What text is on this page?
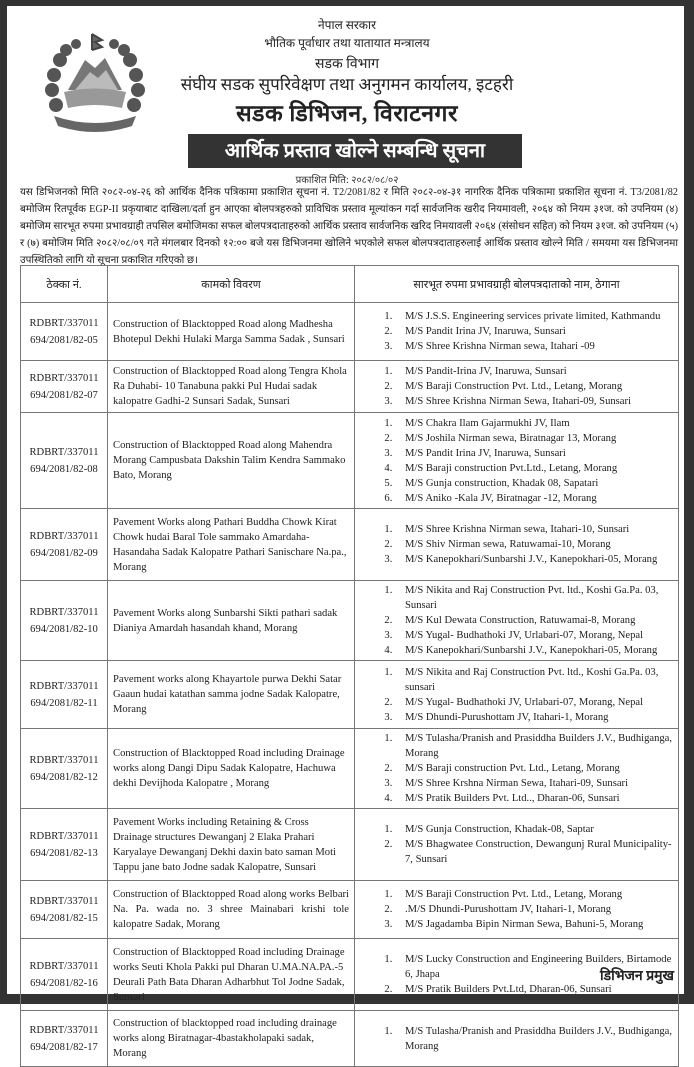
नेपाल सरकार
भौतिक पूर्वाधार तथा यातायात मन्त्रालय
सडक विभाग
संघीय सडक सुपरिवेक्षण तथा अनुगमन कार्यालय, इटहरी
सडक डिभिजन, विराटनगर
आर्थिक प्रस्ताव खोल्ने सम्बन्धि सूचना
प्रकाशित मिति: २०८२/०८/०२
यस डिभिजनको मिति २०८२-०४-२६ को आर्थिक दैनिक पत्रिकामा प्रकाशित सूचना नं. T2/2081/82 र मिति २०८२-०४-३१ नागरिक दैनिक पत्रिकामा प्रकाशित सूचना नं. T3/2081/82 बमोजिम रितपूर्वक EGP-II प्रकृयाबाट दाखिला/दर्ता हुन आएका बोलपत्रहरुको प्राविधिक प्रस्ताव मूल्यांकन गर्दा सार्वजनिक खरीद नियमावली, २०६४ को नियम ३१ज. को उपनियम (४) बमोजिम सारभूत रुपमा प्रभावग्राही तपसिल बमोजिमका सफल बोलपत्रदाताहरुको आर्थिक प्रस्ताव सार्वजनिक खरिद निमयावली २०६४ (संसोधन सहित) को नियम ३१ज. को उपनियम (५) र (७) बमोजिम मिति २०८२/०८/०९ गते मंगलबार दिनको १२:०० बजे यस डिभिजनमा खोलिने भएकोले सफल बोलपत्रदाताहरुलाई आर्थिक प्रस्ताव खोल्ने मिति / समयमा यस डिभिजनमा उपस्थितिको लागि यो सूचना प्रकाशित गरिएको छ।
ठेक्का नं.	कामको विवरण	सारभूत रुपमा प्रभावग्राही बोलपत्रदाताको नाम, ठेगाना
RDBRT/337011
694/2081/82-05	Construction of Blacktopped Road along Madhesha Bhotepul Dekhi Hulaki Marga Samma Sadak , Sunsari	
1. M/S J.S.S. Engineering services private limited, Kathmandu
2. M/S Pandit Irina JV, Inaruwa, Sunsari
3. M/S Shree Krishna Nirman sewa, Itahari -09

RDBRT/337011
694/2081/82-07	Construction of Blacktopped Road along Tengra Khola Ra Duhabi- 10 Tanabuna pakki Pul Hudai sadak kalopatre Gadhi-2 Sunsari Sadak, Sunsari	
1. M/S Pandit-Irina JV, Inaruwa, Sunsari
2. M/S Baraji Construction Pvt. Ltd., Letang, Morang
3. M/S Shree Krishna Nirman Sewa, Itahari-09, Sunsari

RDBRT/337011
694/2081/82-08	Construction of Blacktopped Road along Mahendra Morang Campusbata Dakshin Talim Kendra Sammako Bato, Morang	
1. M/S Chakra Ilam Gajarmukhi JV, Ilam
2. M/S Joshila Nirman sewa, Biratnagar 13, Morang
3. M/S Pandit Irina JV, Inaruwa, Sunsari
4. M/S Baraji construction Pvt.Ltd., Letang, Morang
5. M/S Gunja construction, Khadak 08, Sapatari
6. M/S Aniko -Kala JV, Biratnagar -12, Morang

RDBRT/337011
694/2081/82-09	Pavement Works along Pathari Buddha Chowk Kirat Chowk hudai Baral Tole sammako Amardaha-Hasandaha Sadak Kalopatre Pathari Sanischare Na.pa., Morang	
1. M/S Shree Krishna Nirman sewa, Itahari-10, Sunsari
2. M/S Shiv Nirman sewa, Ratuwamai-10, Morang
3. M/S Kanepokhari/Sunbarshi J.V., Kanepokhari-05, Morang

RDBRT/337011
694/2081/82-10	Pavement Works along Sunbarshi Sikti pathari sadak Dianiya Amardah hasandah khand, Morang	
1. M/S Nikita and Raj Construction Pvt. ltd., Koshi Ga.Pa. 03, Sunsari
2. M/S Kul Dewata Construction, Ratuwamai-8, Morang
3. M/S Yugal- Budhathoki JV, Urlabari-07, Morang, Nepal
4. M/S Kanepokhari/Sunbarshi J.V., Kanepokhari-05, Morang

RDBRT/337011
694/2081/82-11	Pavement works along Khayartole purwa Dekhi Satar Gaaun hudai katathan samma jodne Sadak Kalopatre, Morang	
1. M/S Nikita and Raj Construction Pvt. ltd., Koshi Ga.Pa. 03, sunsari
2. M/S Yugal- Budhathoki JV, Urlabari-07, Morang, Nepal
3. M/S Dhundi-Purushottam JV, Itahari-1, Morang

RDBRT/337011
694/2081/82-12	Construction of Blacktopped Road including Drainage works along Dangi Dipu Sadak Kalopatre, Hachuwa dekhi Devijhoda Kalopatre , Morang	
1. M/S Tulasha/Pranish and Prasiddha Builders J.V., Budhiganga, Morang
2. M/S Baraji construction Pvt. Ltd., Letang, Morang
3. M/S Shree Krshna Nirman Sewa, Itahari-09, Sunsari
4. M/S Pratik Builders Pvt. Ltd.., Dharan-06, Sunsari

RDBRT/337011
694/2081/82-13	Pavement Works including Retaining & Cross Drainage structures Dewanganj 2 Elaka Prahari Karyalaye Dewanganj Dekhi daxin bato saman Moti Tappu jane bato Jodne sadak Kalopatre, Sunsari	
1. M/S Gunja Construction, Khadak-08, Saptar
2. M/S Bhagwatee Construction, Dewangunj Rural Municipality-7, Sunsari

RDBRT/337011
694/2081/82-15	Construction of Blacktopped Road along works Belbari Na. Pa. wada no. 3 shree Mainabari krishi tole kalopatre Sadak, Morang	
1. M/S Baraji Construction Pvt. Ltd., Letang, Morang
2. .M/S Dhundi-Purushottam JV, Itahari-1, Morang
3. M/S Jagadamba Bipin Nirman Sewa, Bahuni-5, Morang

RDBRT/337011
694/2081/82-16	Construction of Blacktopped Road including Drainage works Seuti Khola Pakki pul Dharan U.MA.NA.PA.-5 Deurali Path Bata Dharan Adharbhut Tol Jodne Sadak, Sunsari	
1. M/S Lucky Construction and Engineering Builders, Birtamode 6, Jhapa
2. M/S Pratik Builders Pvt.Ltd, Dharan-06, Sunsari

RDBRT/337011
694/2081/82-17	Construction of blacktopped road including drainage works along Biratnagar-4bastakholapaki sadak, Morang	
1. M/S Tulasha/Pranish and Prasiddha Builders J.V., Budhiganga, Morang
डिभिजन प्रमुख
